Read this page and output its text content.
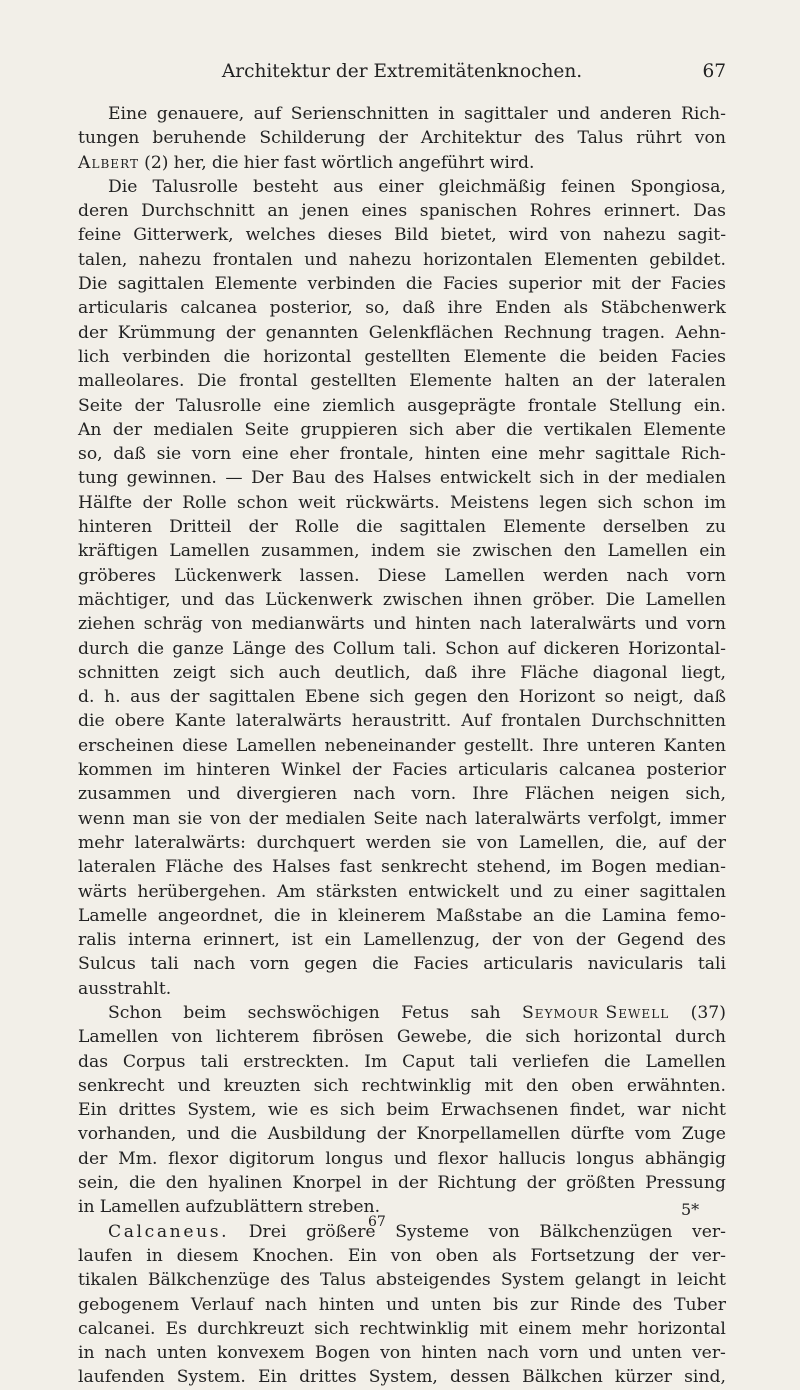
Architektur der Extremitätenknochen.	67
Eine genauere, auf Serienschnitten in sagittaler und anderen Rich-
tungen beruhende Schilderung der Architektur des Talus rührt von
Albert (2) her, die hier fast wörtlich angeführt wird.
Die Talusrolle besteht aus einer gleichmäßig feinen Spongiosa,
deren Durchschnitt an jenen eines spanischen Rohres erinnert. Das
feine Gitterwerk, welches dieses Bild bietet, wird von nahezu sagit-
talen, nahezu frontalen und nahezu horizontalen Elementen gebildet.
Die sagittalen Elemente verbinden die Facies superior mit der Facies
articularis calcanea posterior, so, daß ihre Enden als Stäbchenwerk
der Krümmung der genannten Gelenkflächen Rechnung tragen. Aehn-
lich verbinden die horizontal gestellten Elemente die beiden Facies
malleolares. Die frontal gestellten Elemente halten an der lateralen
Seite der Talusrolle eine ziemlich ausgeprägte frontale Stellung ein.
An der medialen Seite gruppieren sich aber die vertikalen Elemente
so, daß sie vorn eine eher frontale, hinten eine mehr sagittale Rich-
tung gewinnen. — Der Bau des Halses entwickelt sich in der medialen
Hälfte der Rolle schon weit rückwärts. Meistens legen sich schon im
hinteren Dritteil der Rolle die sagittalen Elemente derselben zu
kräftigen Lamellen zusammen, indem sie zwischen den Lamellen ein
gröberes Lückenwerk lassen. Diese Lamellen werden nach vorn
mächtiger, und das Lückenwerk zwischen ihnen gröber. Die Lamellen
ziehen schräg von medianwärts und hinten nach lateralwärts und vorn
durch die ganze Länge des Collum tali. Schon auf dickeren Horizontal-
schnitten zeigt sich auch deutlich, daß ihre Fläche diagonal liegt,
d. h. aus der sagittalen Ebene sich gegen den Horizont so neigt, daß
die obere Kante lateralwärts heraustritt. Auf frontalen Durchschnitten
erscheinen diese Lamellen nebeneinander gestellt. Ihre unteren Kanten
kommen im hinteren Winkel der Facies articularis calcanea posterior
zusammen und divergieren nach vorn. Ihre Flächen neigen sich,
wenn man sie von der medialen Seite nach lateralwärts verfolgt, immer
mehr lateralwärts: durchquert werden sie von Lamellen, die, auf der
lateralen Fläche des Halses fast senkrecht stehend, im Bogen median-
wärts herübergehen. Am stärksten entwickelt und zu einer sagittalen
Lamelle angeordnet, die in kleinerem Maßstabe an die Lamina femo-
ralis interna erinnert, ist ein Lamellenzug, der von der Gegend des
Sulcus tali nach vorn gegen die Facies articularis navicularis tali
ausstrahlt.
Schon beim sechswöchigen Fetus sah Seymour Sewell (37)
Lamellen von lichterem fibrösen Gewebe, die sich horizontal durch
das Corpus tali erstreckten. Im Caput tali verliefen die Lamellen
senkrecht und kreuzten sich rechtwinklig mit den oben erwähnten.
Ein drittes System, wie es sich beim Erwachsenen findet, war nicht
vorhanden, und die Ausbildung der Knorpellamellen dürfte vom Zuge
der Mm. flexor digitorum longus und flexor hallucis longus abhängig
sein, die den hyalinen Knorpel in der Richtung der größten Pressung
in Lamellen aufzublättern streben.
Calcaneus. Drei größere Systeme von Bälkchenzügen ver-
laufen in diesem Knochen. Ein von oben als Fortsetzung der ver-
tikalen Bälkchenzüge des Talus absteigendes System gelangt in leicht
gebogenem Verlauf nach hinten und unten bis zur Rinde des Tuber
calcanei. Es durchkreuzt sich rechtwinklig mit einem mehr horizontal
in nach unten konvexem Bogen von hinten nach vorn und unten ver-
laufenden System. Ein drittes System, dessen Bälkchen kürzer sind,
67
5*
